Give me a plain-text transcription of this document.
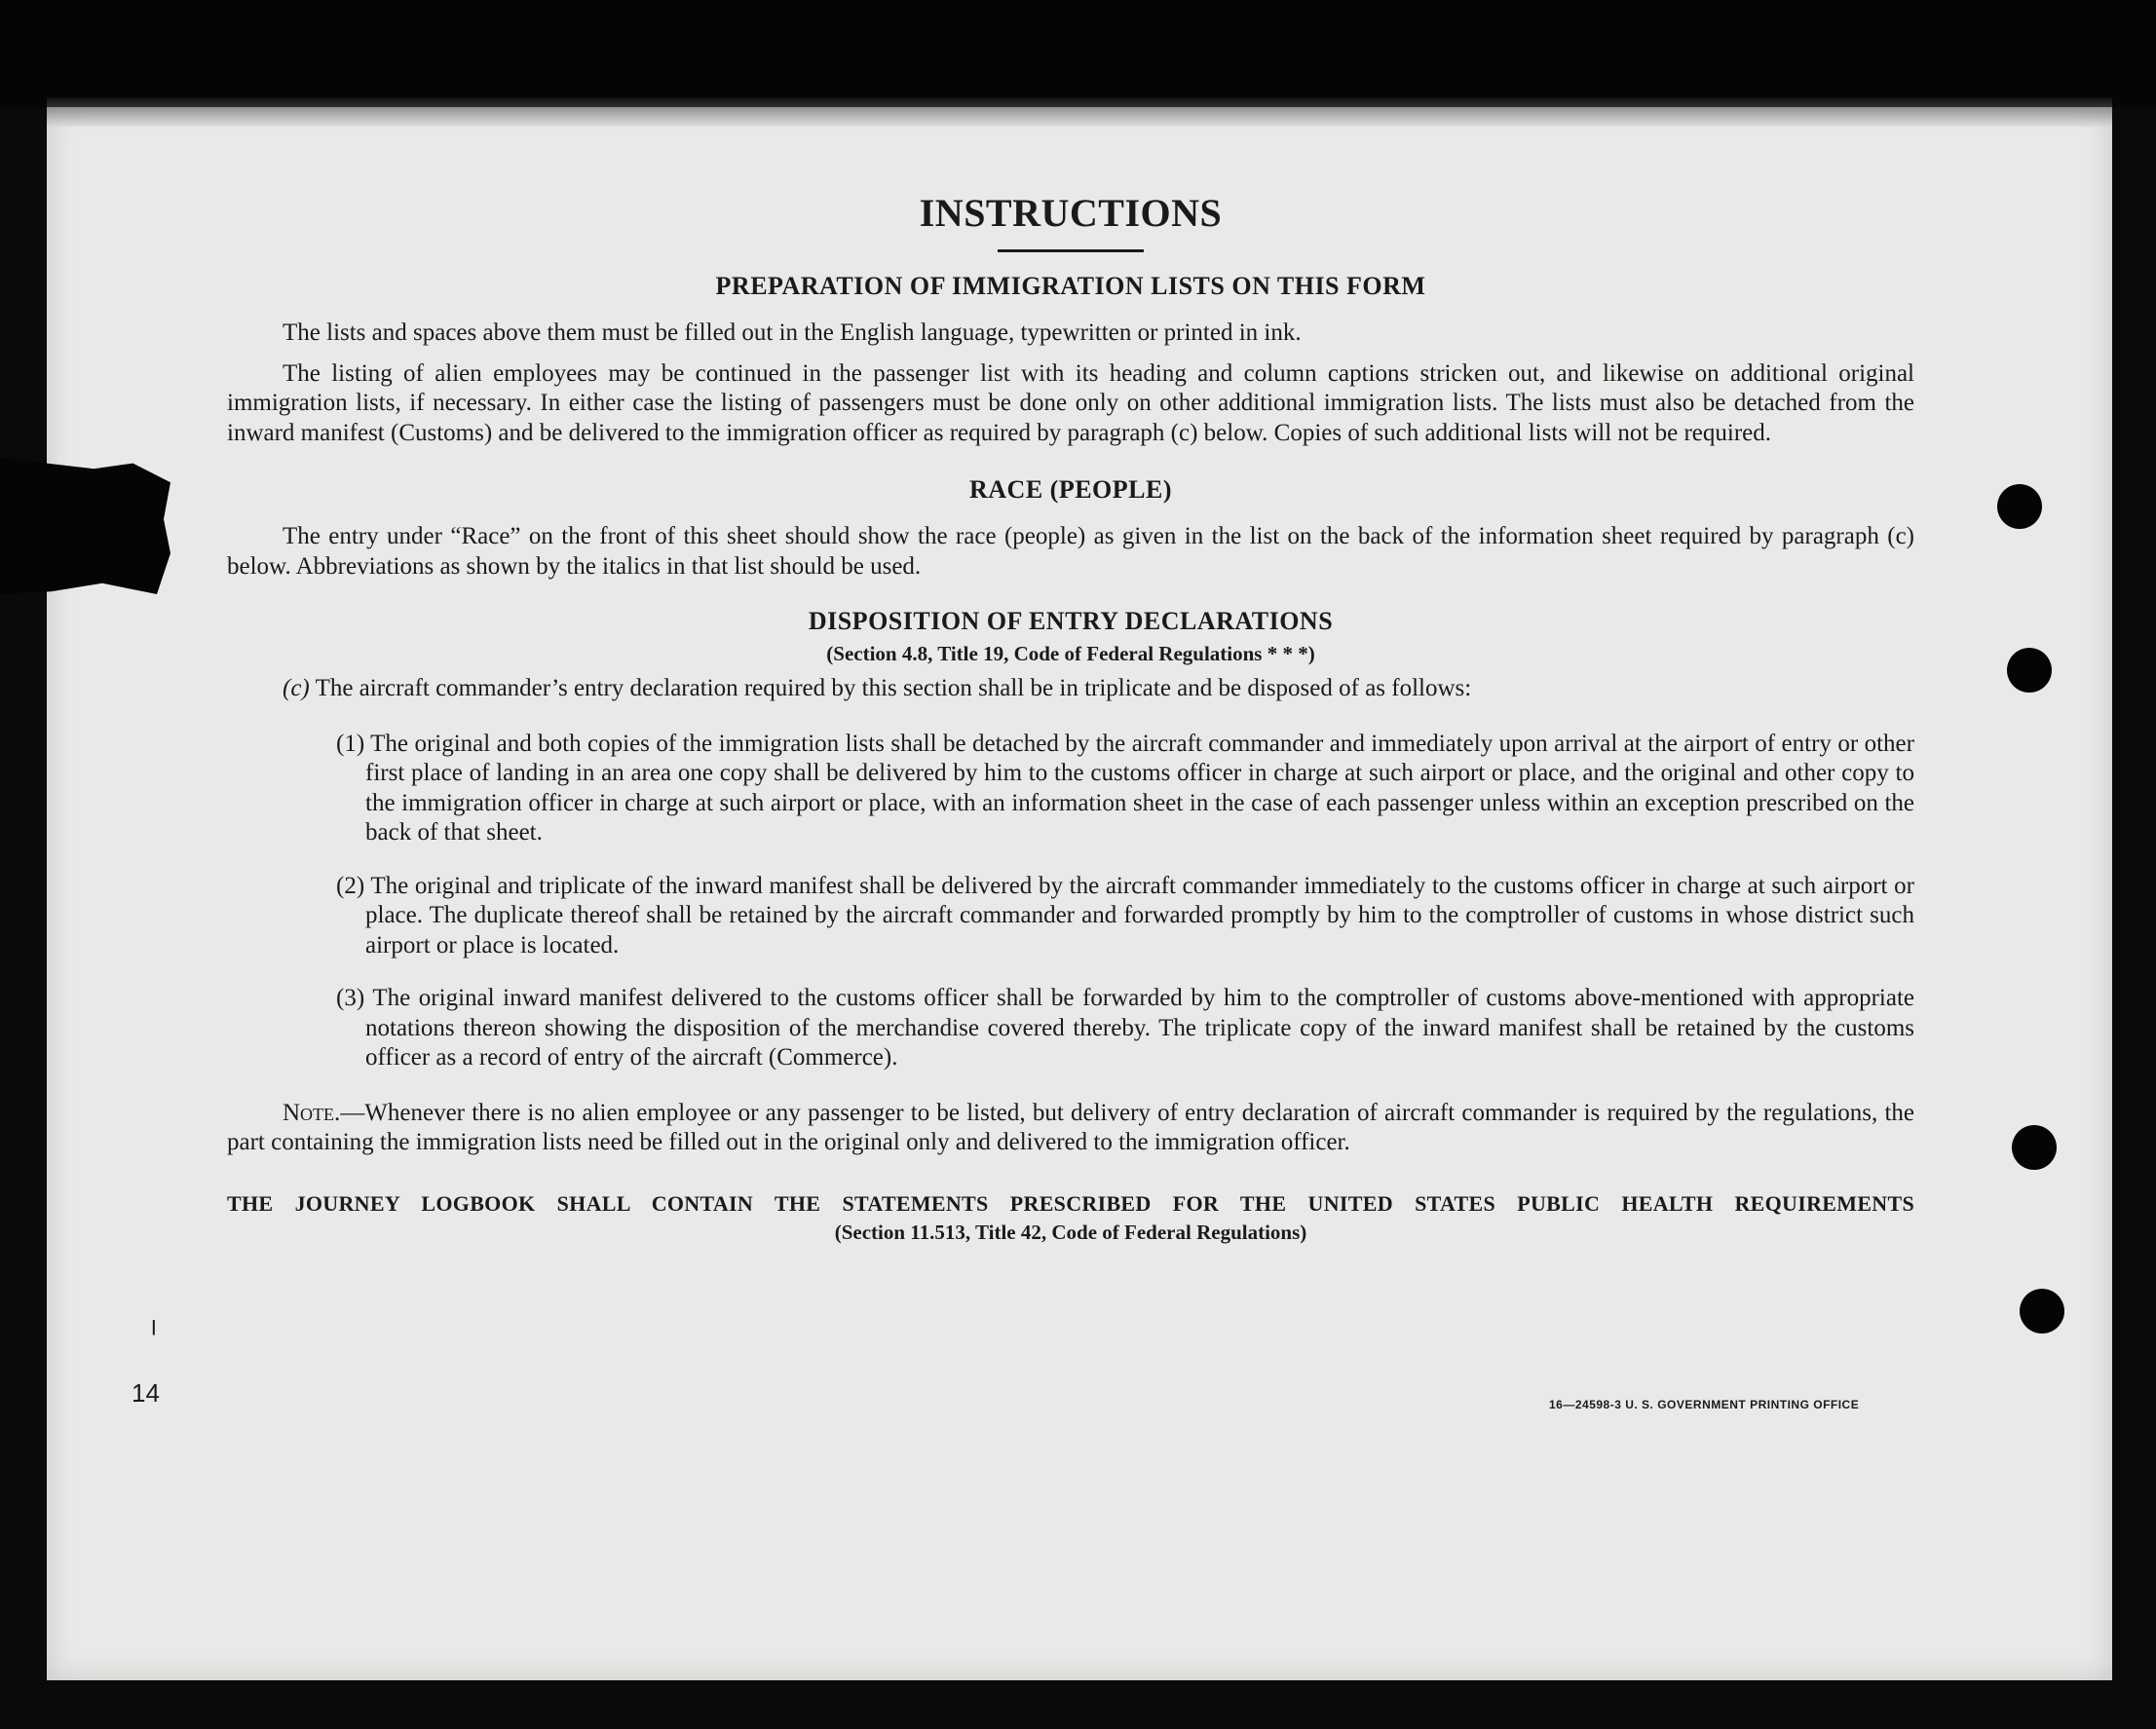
INSTRUCTIONS
PREPARATION OF IMMIGRATION LISTS ON THIS FORM

The lists and spaces above them must be filled out in the English language, typewritten or printed in ink.

The listing of alien employees may be continued in the passenger list with its heading and column captions stricken out, and likewise on additional original immigration lists, if necessary. In either case the listing of passengers must be done only on other additional immigration lists. The lists must also be detached from the inward manifest (Customs) and be delivered to the immigration officer as required by paragraph (c) below. Copies of such additional lists will not be required.

RACE (PEOPLE)

The entry under “Race” on the front of this sheet should show the race (people) as given in the list on the back of the information sheet required by paragraph (c) below. Abbreviations as shown by the italics in that list should be used.

DISPOSITION OF ENTRY DECLARATIONS
(Section 4.8, Title 19, Code of Federal Regulations * * *)

(c) The aircraft commander’s entry declaration required by this section shall be in triplicate and be disposed of as follows:

(1) The original and both copies of the immigration lists shall be detached by the aircraft commander and immediately upon arrival at the airport of entry or other first place of landing in an area one copy shall be delivered by him to the customs officer in charge at such airport or place, and the original and other copy to the immigration officer in charge at such airport or place, with an information sheet in the case of each passenger unless within an exception prescribed on the back of that sheet.

(2) The original and triplicate of the inward manifest shall be delivered by the aircraft commander immediately to the customs officer in charge at such airport or place. The duplicate thereof shall be retained by the aircraft commander and forwarded promptly by him to the comptroller of customs in whose district such airport or place is located.

(3) The original inward manifest delivered to the customs officer shall be forwarded by him to the comptroller of customs above-mentioned with appropriate notations thereon showing the disposition of the merchandise covered thereby. The triplicate copy of the inward manifest shall be retained by the customs officer as a record of entry of the aircraft (Commerce).

Note.—Whenever there is no alien employee or any passenger to be listed, but delivery of entry declaration of aircraft commander is required by the regulations, the part containing the immigration lists need be filled out in the original only and delivered to the immigration officer.

THE JOURNEY LOGBOOK SHALL CONTAIN THE STATEMENTS PRESCRIBED FOR THE UNITED STATES PUBLIC HEALTH REQUIREMENTS

(Section 11.513, Title 42, Code of Federal Regulations)
16—24598-3 U. S. GOVERNMENT PRINTING OFFICE
╷
14
